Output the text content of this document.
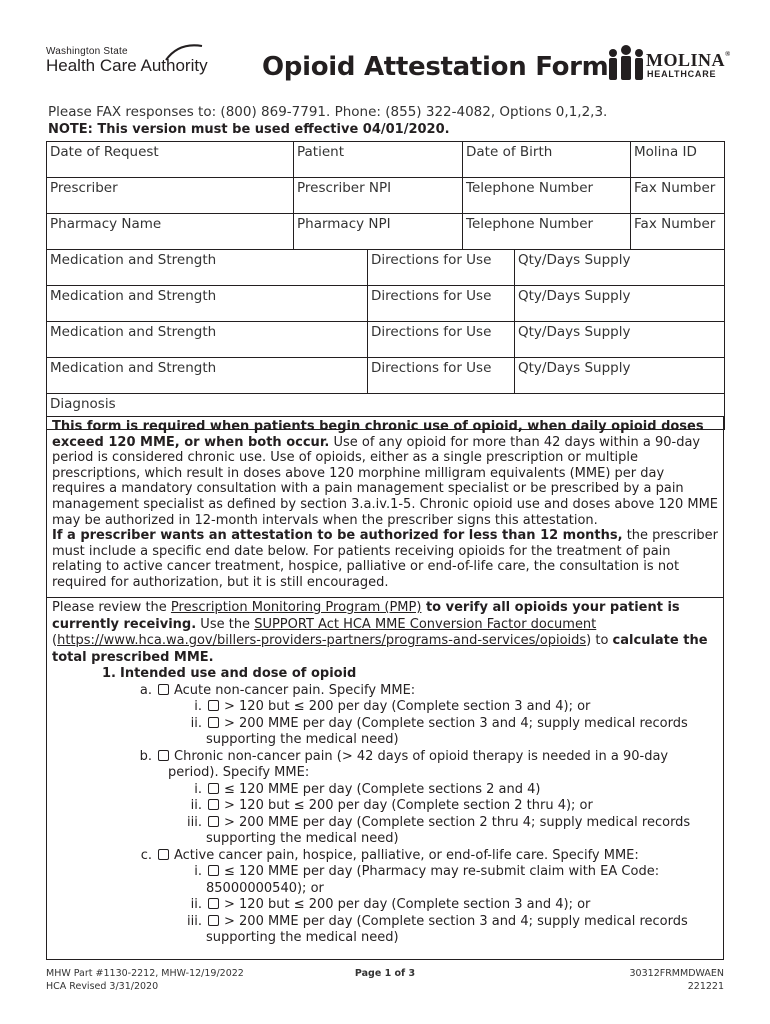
Washington State
Health Care Authority Opioid Attestation Form MOLINA®
HEALTHCARE
Please FAX responses to: (800) 869-7791. Phone: (855) 322-4082, Options 0,1,2,3.
NOTE: This version must be used effective 04/01/2020.
Date of Request	Patient		Date of Birth		Molina ID
Prescriber	Prescriber NPI		Telephone Number		Fax Number
Pharmacy Name	Pharmacy NPI		Telephone Number		Fax Number
Medication and Strength		Directions for Use		Qty/Days Supply	
Medication and Strength		Directions for Use		Qty/Days Supply	
Medication and Strength		Directions for Use		Qty/Days Supply	
Medication and Strength		Directions for Use		Qty/Days Supply	
Diagnosis					

This form is required when patients begin chronic use of opioid, when daily opioid doses exceed 120 MME, or when both occur. Use of any opioid for more than 42 days within a 90-day period is considered chronic use. Use of opioids, either as a single prescription or multiple prescriptions, which result in doses above 120 morphine milligram equivalents (MME) per day requires a mandatory consultation with a pain management specialist or be prescribed by a pain management specialist as defined by section 3.a.iv.1-5. Chronic opioid use and doses above 120 MME may be authorized in 12-month intervals when the prescriber signs this attestation.

If a prescriber wants an attestation to be authorized for less than 12 months, the prescriber must include a specific end date below. For patients receiving opioids for the treatment of pain relating to active cancer treatment, hospice, palliative or end-of-life care, the consultation is not required for authorization, but it is still encouraged.

Please review the Prescription Monitoring Program (PMP) to verify all opioids your patient is currently receiving. Use the SUPPORT Act HCA MME Conversion Factor document
(https://www.hca.wa.gov/billers-providers-partners/programs-and-services/opioids) to calculate the total prescribed MME.

1. Intended use and dose of opioid
a. Acute non-cancer pain. Specify MME:
i. > 120 but ≤ 200 per day (Complete section 3 and 4); or
ii. > 200 MME per day (Complete section 3 and 4; supply medical records
supporting the medical need)
b. Chronic non-cancer pain (> 42 days of opioid therapy is needed in a 90-day
period). Specify MME:
i. ≤ 120 MME per day (Complete sections 2 and 4)
ii. > 120 but ≤ 200 per day (Complete section 2 thru 4); or
iii. > 200 MME per day (Complete section 2 thru 4; supply medical records
supporting the medical need)
c. Active cancer pain, hospice, palliative, or end-of-life care. Specify MME:
i. ≤ 120 MME per day (Pharmacy may re-submit claim with EA Code:
85000000540); or
ii. > 120 but ≤ 200 per day (Complete section 3 and 4); or
iii. > 200 MME per day (Complete section 3 and 4; supply medical records
supporting the medical need)
MHW Part #1130-2212, MHW-12/19/2022
HCA Revised 3/31/2020
Page 1 of 3	30312FRMMDWAEN
221221
